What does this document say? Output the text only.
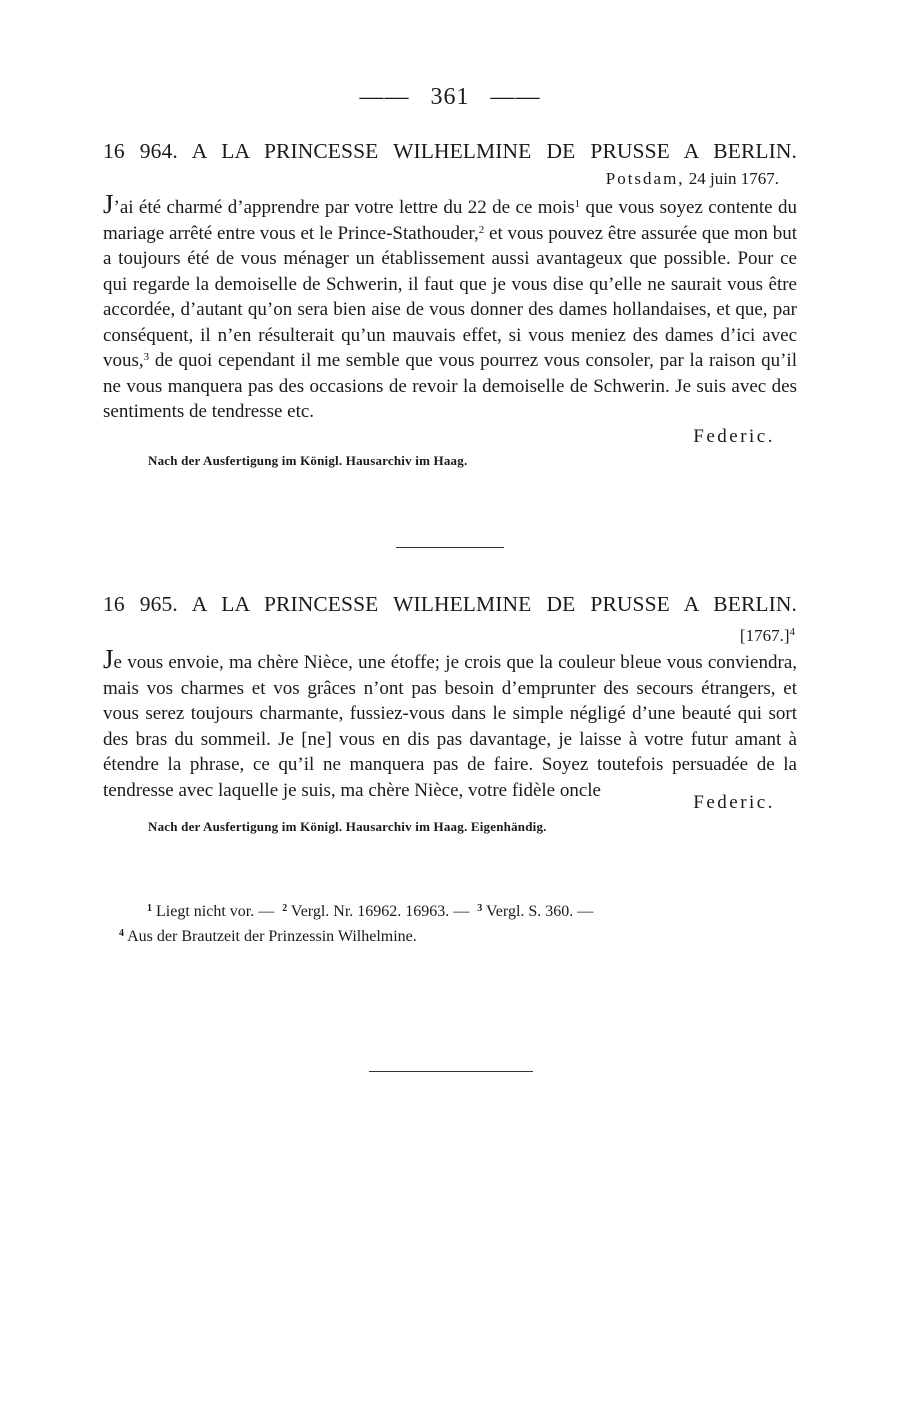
—— 361 ——
16 964. A LA PRINCESSE WILHELMINE DE PRUSSE A BERLIN.
Potsdam, 24 juin 1767.
J’ai été charmé d’apprendre par votre lettre du 22 de ce mois$^1$ que vous soyez contente du mariage arrêté entre vous et le Prince-Stathouder,$^2$ et vous pouvez être assurée que mon but a toujours été de vous ménager un établissement aussi avantageux que possible. Pour ce qui regarde la demoiselle de Schwerin, il faut que je vous dise qu’elle ne saurait vous être accordée, d’autant qu’on sera bien aise de vous donner des dames hollandaises, et que, par conséquent, il n’en résulterait qu’un mauvais effet, si vous meniez des dames d’ici avec vous,$^3$ de quoi cependant il me semble que vous pourrez vous consoler, par la raison qu’il ne vous manquera pas des occasions de revoir la demoiselle de Schwerin. Je suis avec des sentiments de tendresse etc.
Federic.
Nach der Ausfertigung im Königl. Hausarchiv im Haag.
16 965. A LA PRINCESSE WILHELMINE DE PRUSSE A BERLIN.
$[1767.]^4$
Je vous envoie, ma chère Nièce, une étoffe; je crois que la couleur bleue vous conviendra, mais vos charmes et vos grâces n’ont pas besoin d’emprunter des secours étrangers, et vous serez toujours charmante, fussiez-vous dans le simple négligé d’une beauté qui sort des bras du sommeil. Je [ne] vous en dis pas davantage, je laisse à votre futur amant à étendre la phrase, ce qu’il ne manquera pas de faire. Soyez toutefois persuadée de la tendresse avec laquelle je suis, ma chère Nièce, votre fidèle oncle
Federic.
Nach der Ausfertigung im Königl. Hausarchiv im Haag. Eigenhändig.
$^1$ Liegt nicht vor. — $^2$ Vergl. Nr. 16962. 16963. — $^3$ Vergl. S. 360. —
$^4$ Aus der Brautzeit der Prinzessin Wilhelmine.
